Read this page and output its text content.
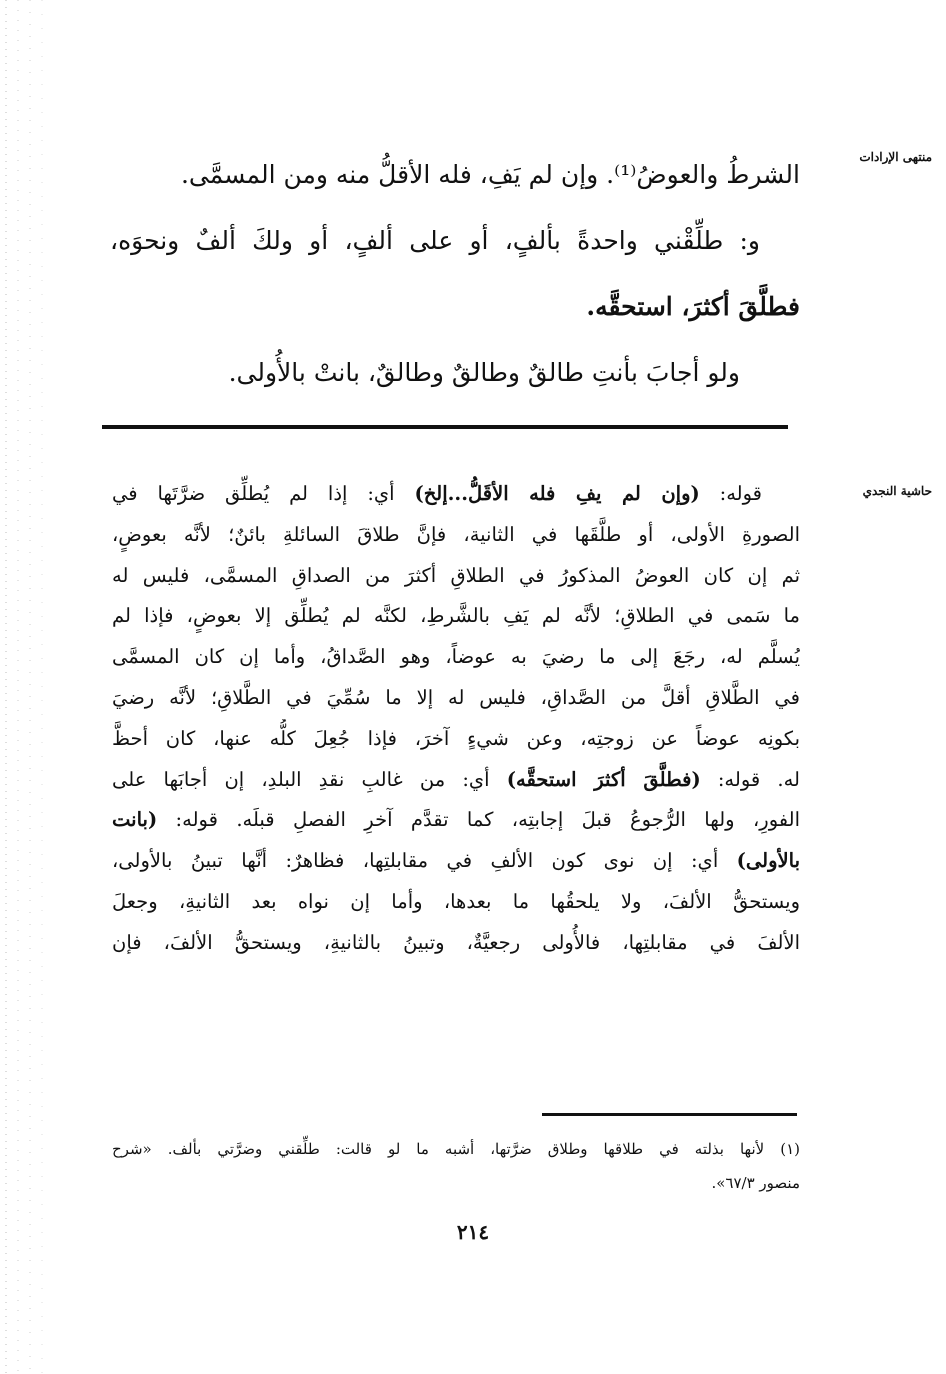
منتهى الإرادات
حاشية النجدي

الشرطُ والعوضُ⁽¹⁾. وإن لم يَفِ، فله الأقلُّ منه ومن المسمَّى.

و: طلِّقْني واحدةً بألفٍ، أو على ألفٍ، أو ولكَ ألفٌ ونحوَه،

فطلَّقَ أكثرَ، استحقَّه.

ولو أجابَ بأنتِ طالقٌ وطالقٌ وطالقٌ، بانتْ بالأُولى.

قوله: (وإن لم يفِ فله الأقَلُّ...إلخ) أي: إذا لم يُطلِّق ضرَّتَها في

الصورةِ الأولى، أو طلَّقَها في الثانية، فإنَّ طلاقَ السائلةِ بائنٌ؛ لأنَّه بعوضٍ،

ثم إن كان العوضُ المذكورُ في الطلاقِ أكثرَ من الصداقِ المسمَّى، فليس له

ما سَمى في الطلاقِ؛ لأنَّه لم يَفِ بالشَّرطِ، لكنَّه لم يُطلِّق إلا بعوضٍ، فإذا لم

يُسلَّم له، رجَعَ إلى ما رضيَ به عوضاً، وهو الصَّداقُ، وأما إن كان المسمَّى

في الطَّلاقِ أقلَّ من الصَّداقِ، فليس له إلا ما سُمِّيَ في الطَّلاقِ؛ لأنَّه رضيَ

بكونِه عوضاً عن زوجتِه، وعن شيءٍ آخرَ، فإذا جُعِلَ كلُّه عنها، كان أحظَّ

له. قوله: (فطلَّقَ أكثرَ استحقَّه) أي: من غالبِ نقدِ البلدِ، إن أجابَها على

الفورِ، ولها الرُّجوعُ قبلَ إجابتِه، كما تقدَّم آخرِ الفصلِ قبلَه. قوله: (بانت

بالأولى) أي: إن نوى كون الألفِ في مقابلتِها، فظاهرٌ: أنَّها تبينُ بالأولى،

ويستحقُّ الألفَ، ولا يلحقُها ما بعدها، وأما إن نواه بعد الثانيةِ، وجعلَ

الألفَ في مقابلتِها، فالأُولى رجعيَّةٌ، وتبينُ بالثانيةِ، ويستحقُّ الألفَ، فإن

(١) لأنها بذلته في طلاقها وطلاق ضرَّتها، أشبه ما لو قالت: طلِّقني وضرَّتي بألف. «شرح

منصور ٦٧/٣».

٢١٤
